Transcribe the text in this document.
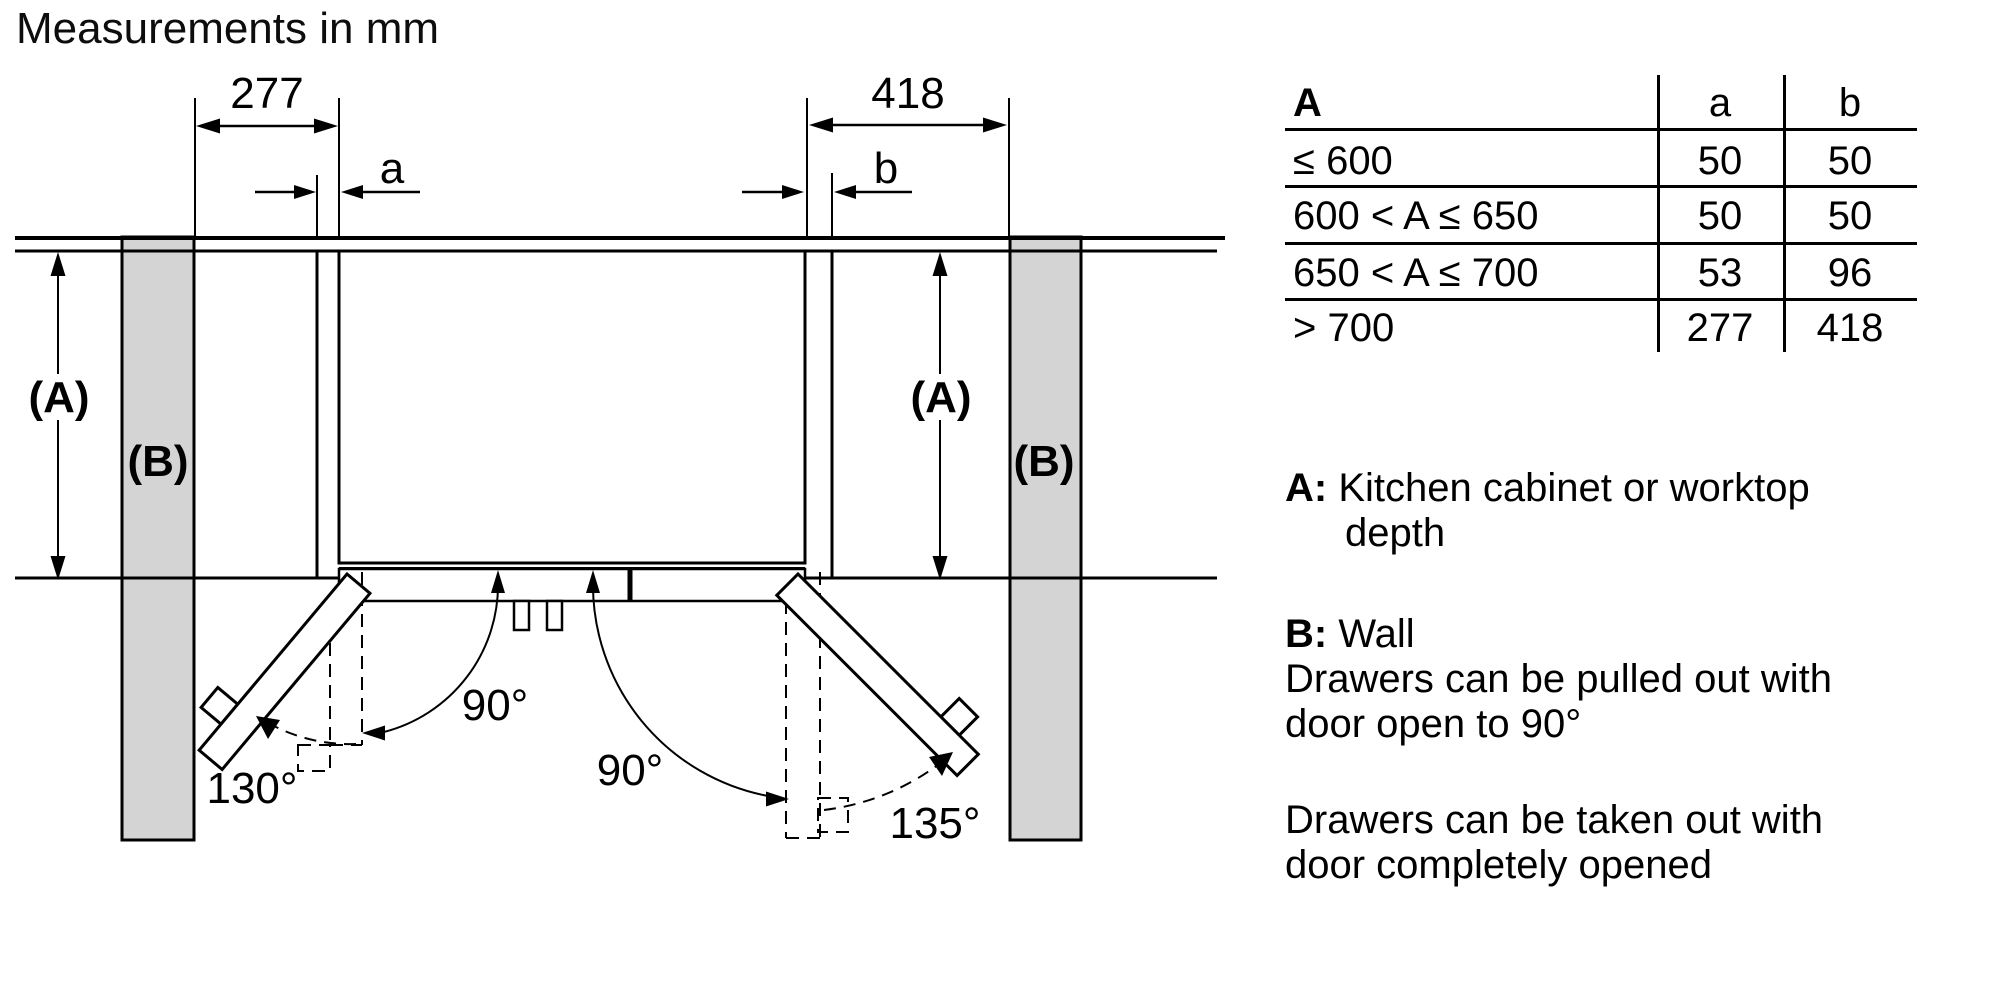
Measurements in mm
277
a
418
b
(A)	(A)
(B)	(B)
90°
90°
130°
135°
A	a	b
≤ 600	50	50
600 < A ≤ 650	50	50
650 < A ≤ 700	53	96
> 700	277	418
A: Kitchen cabinet or worktop
depth
B: Wall
Drawers can be pulled out with
door open to 90°
Drawers can be taken out with
door completely opened
